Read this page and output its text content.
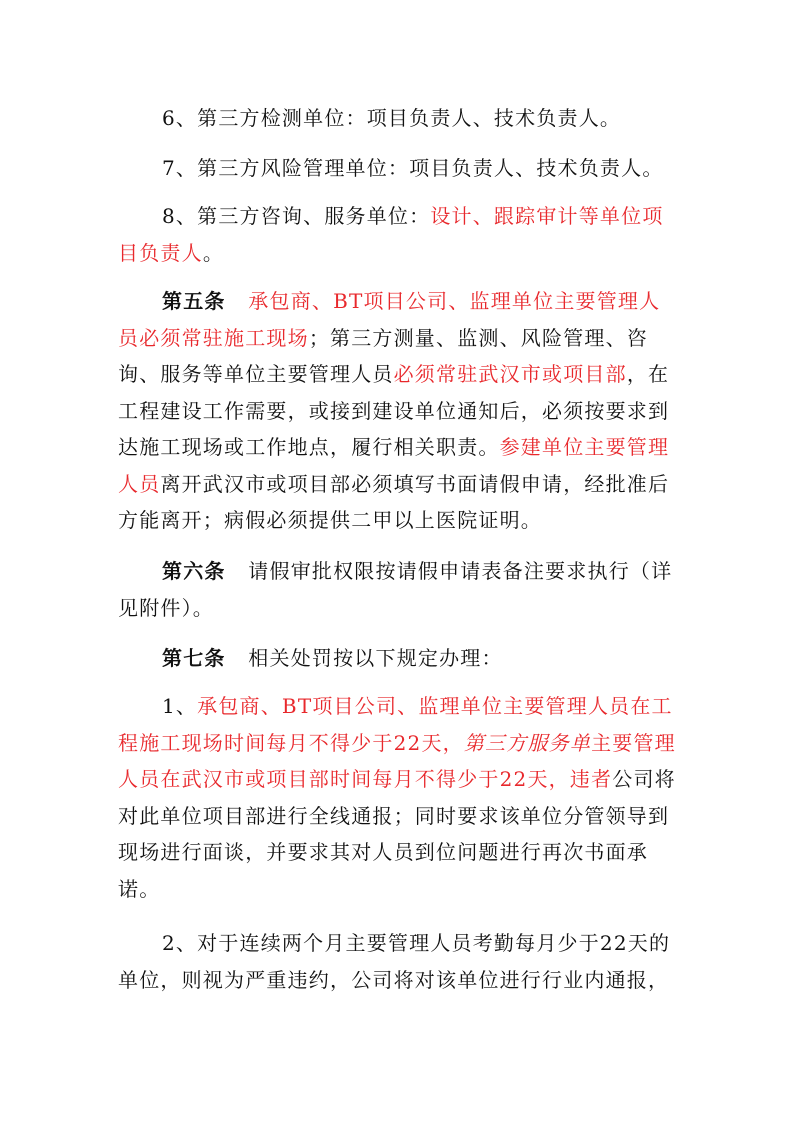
6、第三方检测单位：项目负责人、技术负责人。

7、第三方风险管理单位：项目负责人、技术负责人。

8、第三方咨询、服务单位：设计、跟踪审计等单位项目负责人。

第五条 承包商、BT项目公司、监理单位主要管理人员必须常驻施工现场；第三方测量、监测、风险管理、咨询、服务等单位主要管理人员必须常驻武汉市或项目部，在工程建设工作需要，或接到建设单位通知后，必须按要求到达施工现场或工作地点，履行相关职责。参建单位主要管理人员离开武汉市或项目部必须填写书面请假申请，经批准后方能离开；病假必须提供二甲以上医院证明。

第六条 请假审批权限按请假申请表备注要求执行（详见附件）。

第七条 相关处罚按以下规定办理：

1、承包商、BT项目公司、监理单位主要管理人员在工程施工现场时间每月不得少于22天，第三方服务单主要管理人员在武汉市或项目部时间每月不得少于22天，违者公司将对此单位项目部进行全线通报；同时要求该单位分管领导到现场进行面谈，并要求其对人员到位问题进行再次书面承诺。

2、对于连续两个月主要管理人员考勤每月少于22天的单位，则视为严重违约，公司将对该单位进行行业内通报，
